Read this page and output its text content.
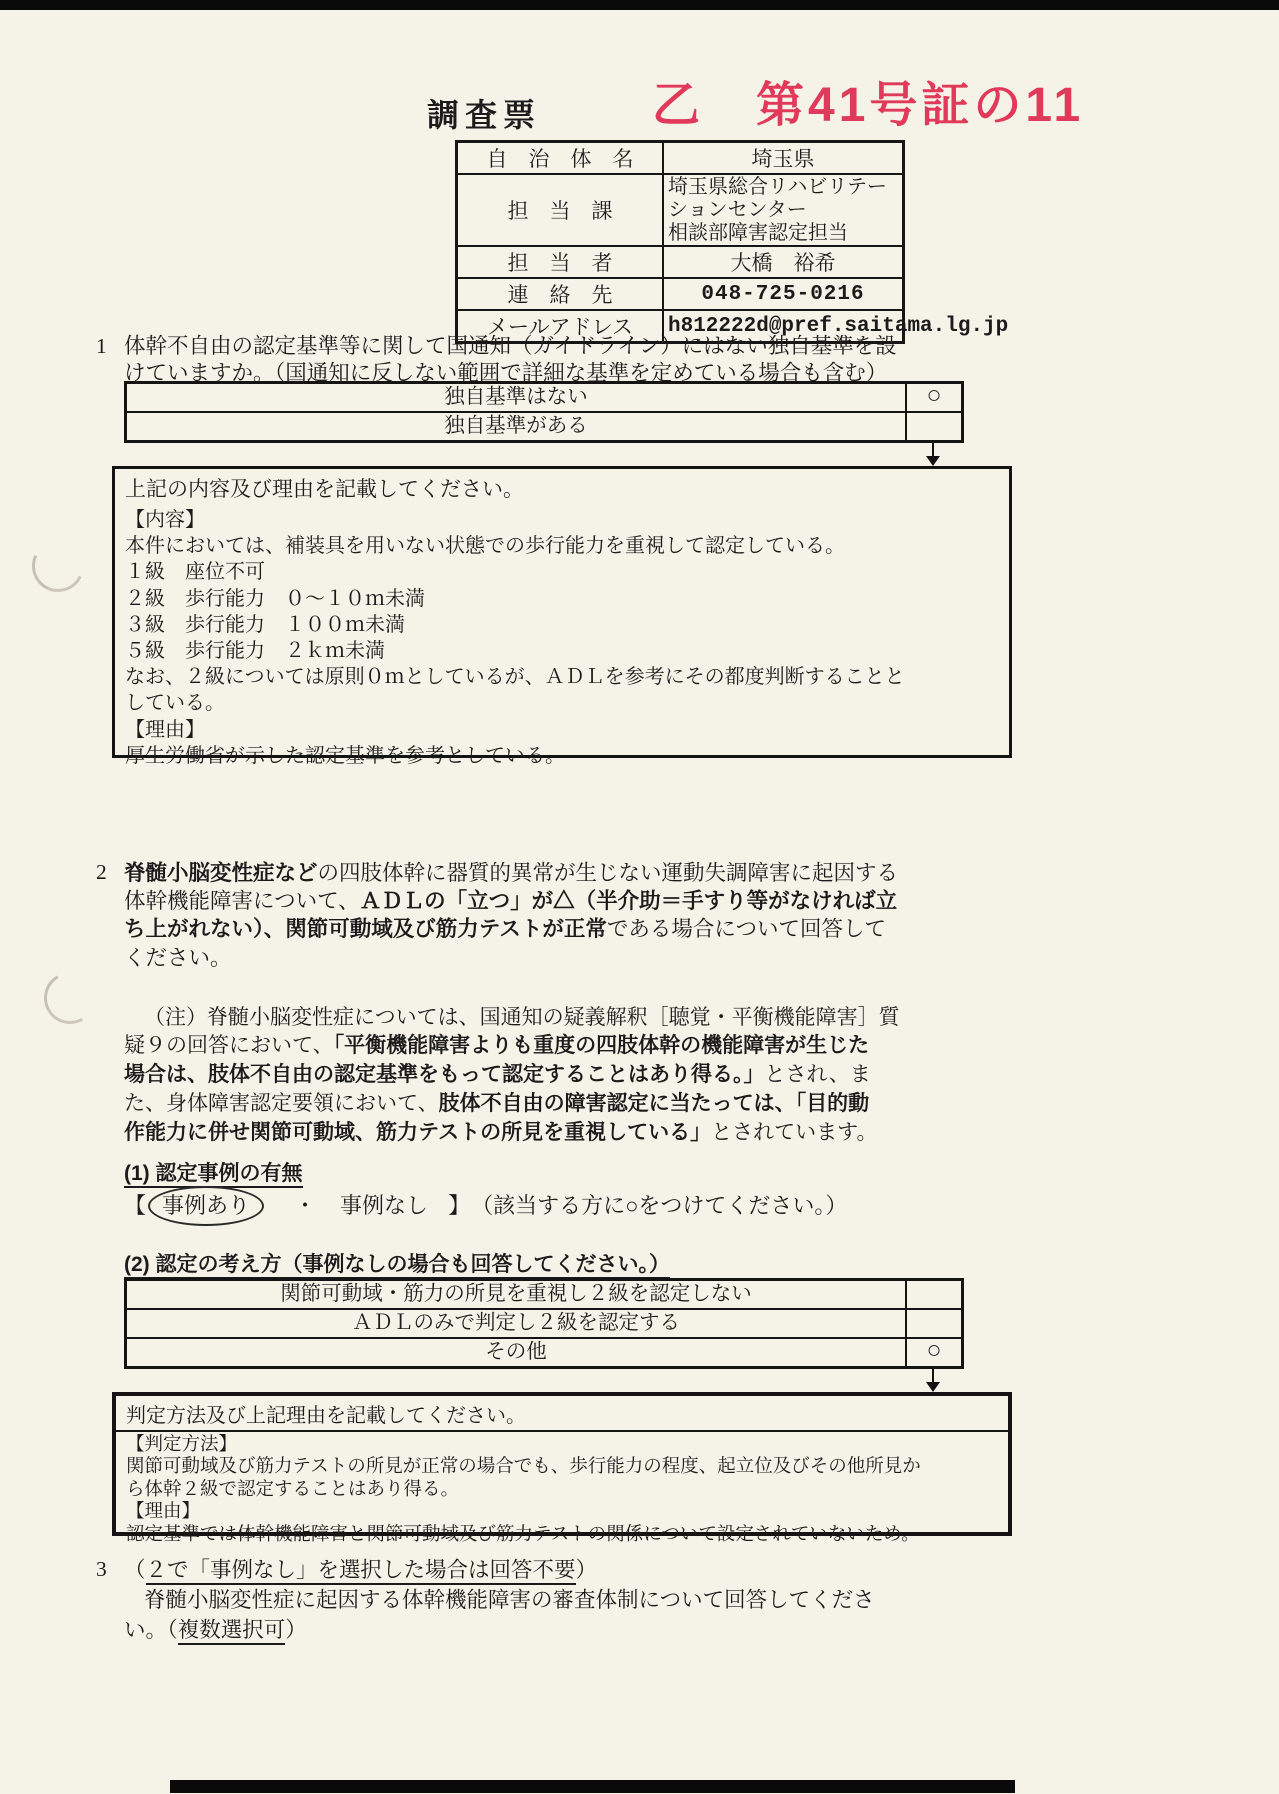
調査票 乙　第41号証の11
自　治　体　名	埼玉県
担　当　課	埼玉県総合リハビリテー
ションセンター
相談部障害認定担当

担　当　者	大橋　裕希
連　絡　先	048-725-0216
メールアドレス	h812222d@pref.saitama.lg.jp
1 体幹不自由の認定基準等に関して国通知（ガイドライン）にはない独自基準を設
けていますか。（国通知に反しない範囲で詳細な基準を定めている場合も含む）
独自基準はない	○
独自基準がある
上記の内容及び理由を記載してください。
【内容】
本件においては、補装具を用いない状態での歩行能力を重視して認定している。
１級　座位不可
２級　歩行能力　０～１０ｍ未満
３級　歩行能力　１００ｍ未満
５級　歩行能力　２ｋｍ未満
なお、２級については原則０ｍとしているが、ＡＤＬを参考にその都度判断することと
している。
【理由】
厚生労働省が示した認定基準を参考としている。
2 脊髄小脳変性症などの四肢体幹に器質的異常が生じない運動失調障害に起因する
体幹機能障害について、ＡＤＬの「立つ」が△（半介助＝手すり等がなければ立
ち上がれない）、関節可動域及び筋力テストが正常である場合について回答して
ください。
（注）脊髄小脳変性症については、国通知の疑義解釈［聴覚・平衡機能障害］質
疑９の回答において、「平衡機能障害よりも重度の四肢体幹の機能障害が生じた
場合は、肢体不自由の認定基準をもって認定することはあり得る。」とされ、ま
た、身体障害認定要領において、肢体不自由の障害認定に当たっては、「目的動
作能力に併せ関節可動域、筋力テストの所見を重視している」とされています。
(1) 認定事例の有無
【 事例あり ・ 事例なし 】 （該当する方に○をつけてください。）
(2) 認定の考え方（事例なしの場合も回答してください。）
関節可動域・筋力の所見を重視し２級を認定しない
ＡＤＬのみで判定し２級を認定する
その他	○
判定方法及び上記理由を記載してください。
【判定方法】
関節可動域及び筋力テストの所見が正常の場合でも、歩行能力の程度、起立位及びその他所見か
ら体幹２級で認定することはあり得る。
【理由】
認定基準では体幹機能障害と関節可動域及び筋力テストの関係について設定されていないため。
3 （２で「事例なし」を選択した場合は回答不要）
脊髄小脳変性症に起因する体幹機能障害の審査体制について回答してくださ
い。（複数選択可）
